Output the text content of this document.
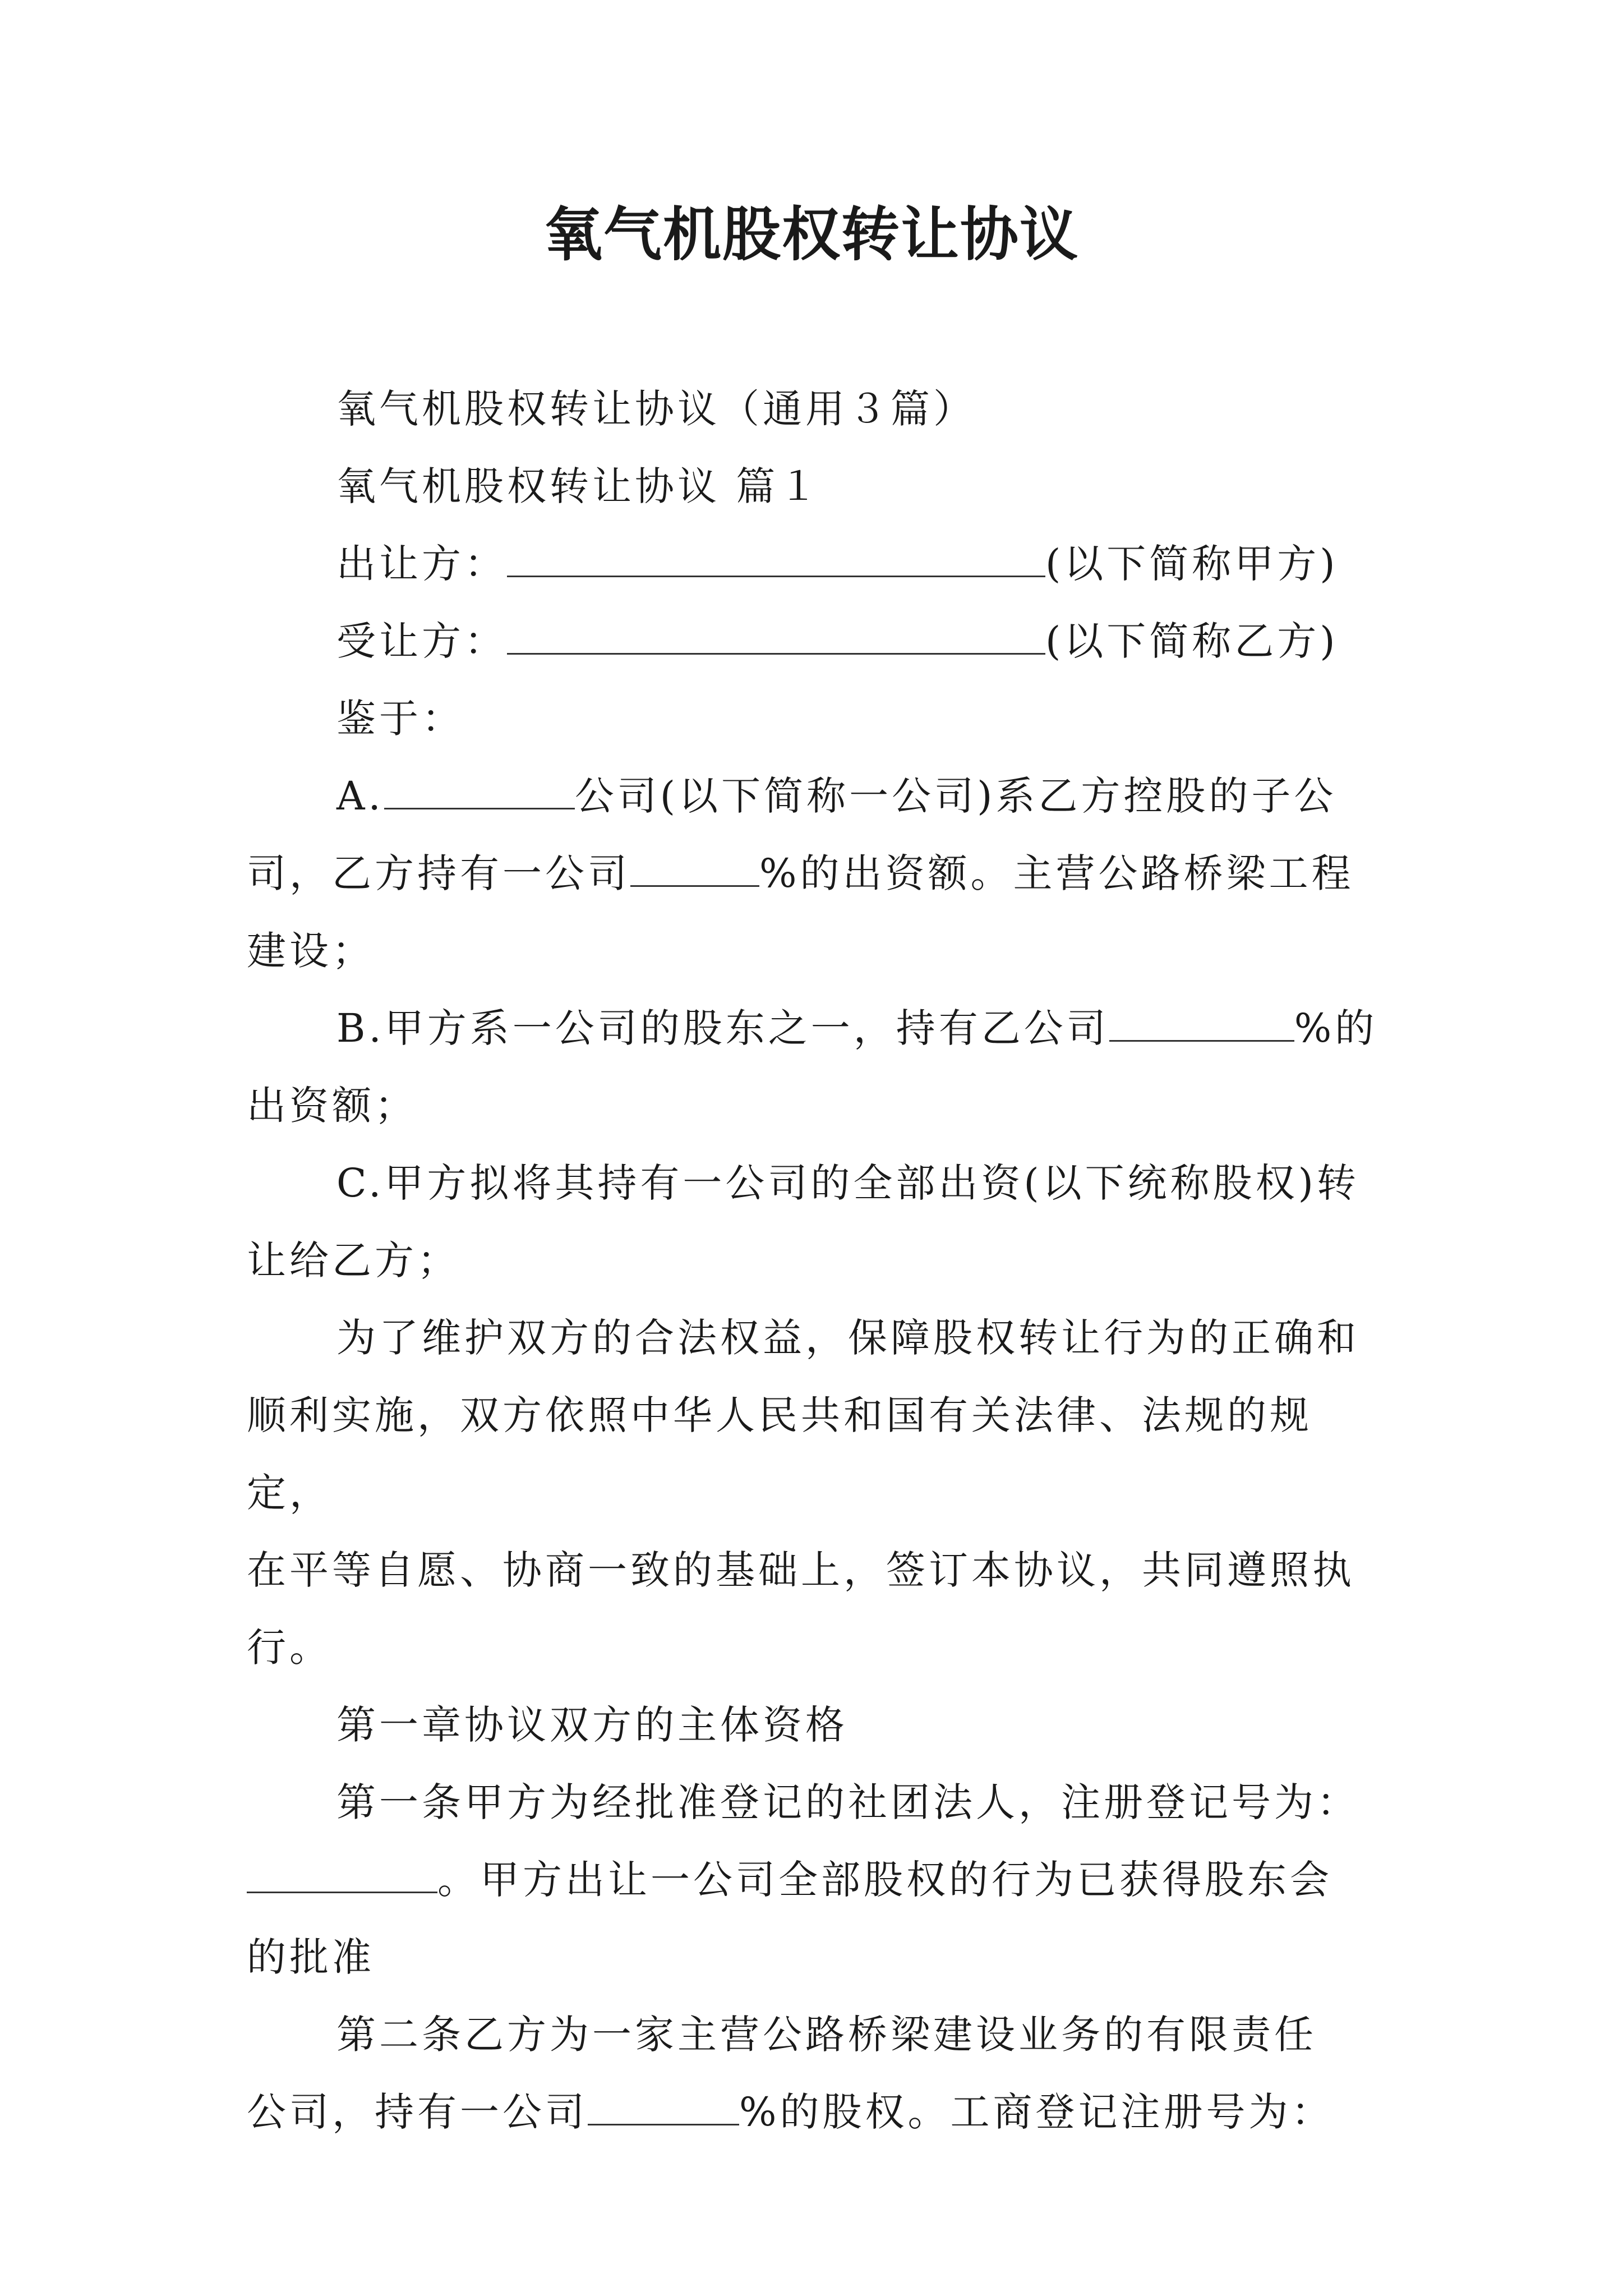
氧气机股权转让协议

氧气机股权转让协议（通用３篇）

氧气机股权转让协议 篇１

出让方：	(以下简称甲方)

受让方：	(以下简称乙方)

鉴于：

A.	公司(以下简称一公司)系乙方控股的子公
司，乙方持有一公司	%的出资额。主营公路桥梁工程
建设；

B.甲方系一公司的股东之一，持有乙公司	%的
出资额；

C.甲方拟将其持有一公司的全部出资(以下统称股权)转
让给乙方；

为了维护双方的合法权益，保障股权转让行为的正确和
顺利实施，双方依照中华人民共和国有关法律、法规的规定，
在平等自愿、协商一致的基础上，签订本协议，共同遵照执
行。

第一章协议双方的主体资格

第一条甲方为经批准登记的社团法人，注册登记号为：
。甲方出让一公司全部股权的行为已获得股东会
的批准

第二条乙方为一家主营公路桥梁建设业务的有限责任
公司，持有一公司	%的股权。工商登记注册号为：
